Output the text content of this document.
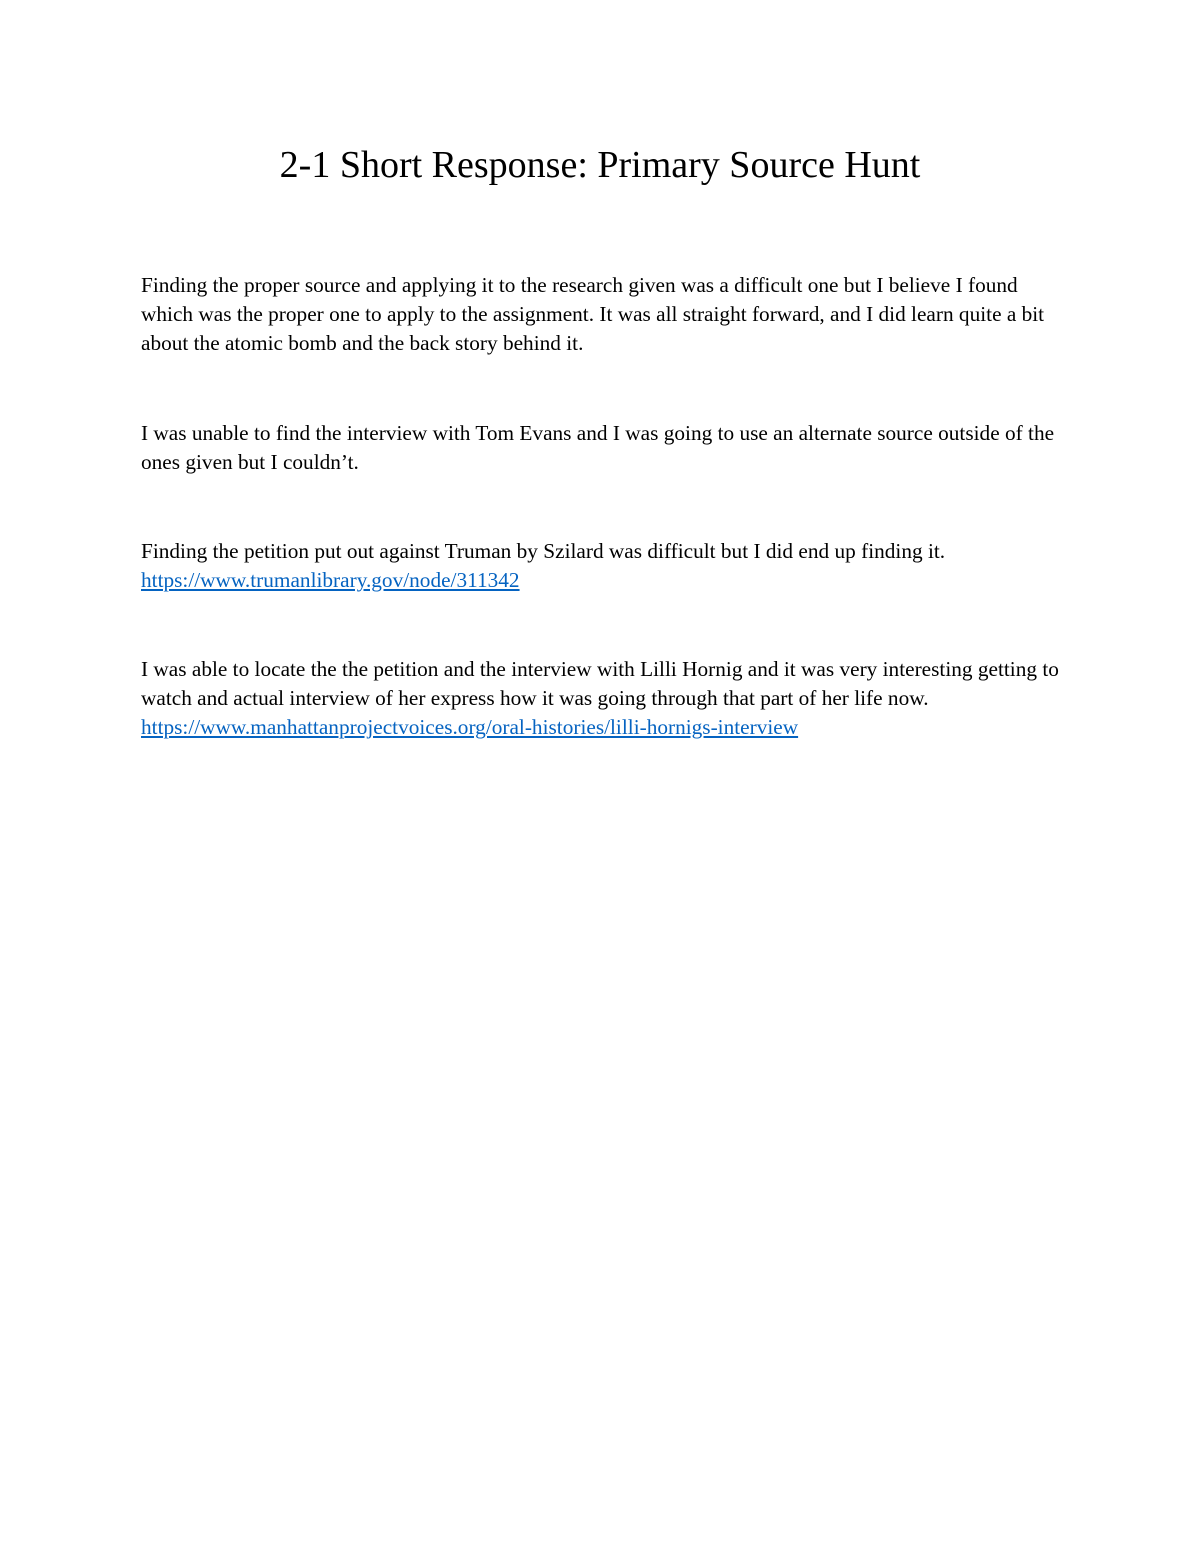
2-1 Short Response: Primary Source Hunt

Finding the proper source and applying it to the research given was a difficult one but I believe I found which was the proper one to apply to the assignment. It was all straight forward, and I did learn quite a bit about the atomic bomb and the back story behind it.

I was unable to find the interview with Tom Evans and I was going to use an alternate source outside of the ones given but I couldn’t.

Finding the petition put out against Truman by Szilard was difficult but I did end up finding it.
https://www.trumanlibrary.gov/node/311342

I was able to locate the the petition and the interview with Lilli Hornig and it was very interesting getting to watch and actual interview of her express how it was going through that part of her life now.https://www.manhattanprojectvoices.org/oral-histories/lilli-hornigs-interview
